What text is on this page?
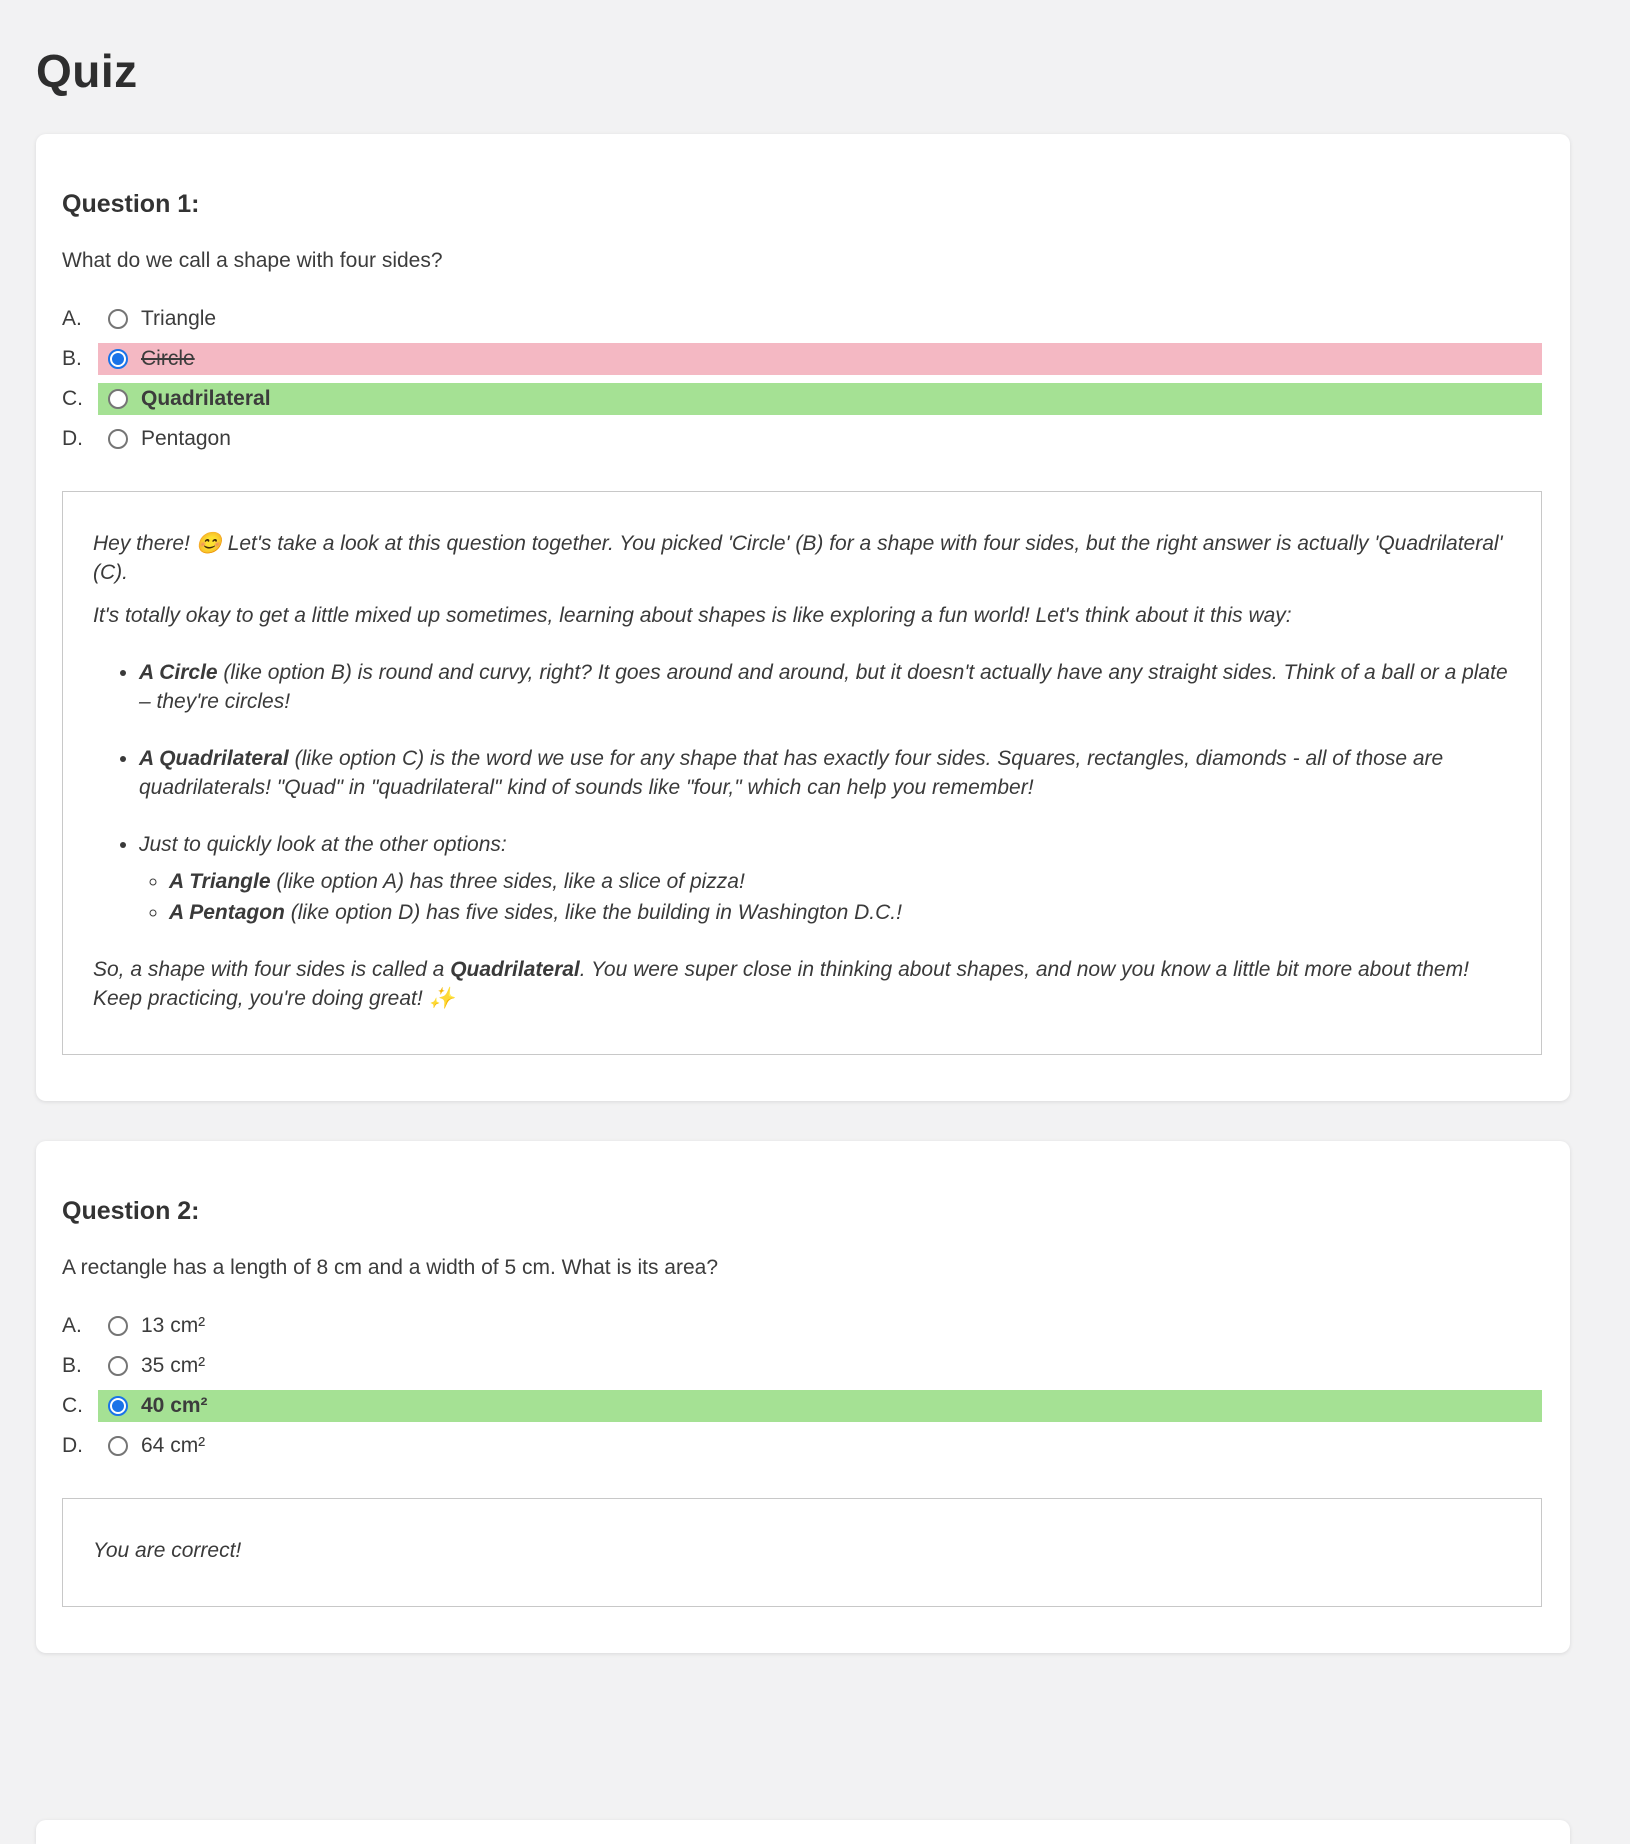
Quiz
Question 1:

What do we call a shape with four sides?

A.	Triangle
B.	Circle
C.	Quadrilateral
D.	Pentagon

Hey there! 😊 Let's take a look at this question together. You picked 'Circle' (B) for a shape with four sides, but the right answer is actually 'Quadrilateral' (C).

It's totally okay to get a little mixed up sometimes, learning about shapes is like exploring a fun world! Let's think about it this way:

• A Circle (like option B) is round and curvy, right? It goes around and around, but it doesn't actually have any straight sides. Think of a ball or a plate – they're circles!
• A Quadrilateral (like option C) is the word we use for any shape that has exactly four sides. Squares, rectangles, diamonds - all of those are quadrilaterals! "Quad" in "quadrilateral" kind of sounds like "four," which can help you remember!
• Just to quickly look at the other options:
◦ A Triangle (like option A) has three sides, like a slice of pizza!
◦ A Pentagon (like option D) has five sides, like the building in Washington D.C.!

So, a shape with four sides is called a Quadrilateral. You were super close in thinking about shapes, and now you know a little bit more about them! Keep practicing, you're doing great! ✨

Question 2:

A rectangle has a length of 8 cm and a width of 5 cm. What is its area?

A.	13 cm²
B.	35 cm²
C.	40 cm²
D.	64 cm²

You are correct!
